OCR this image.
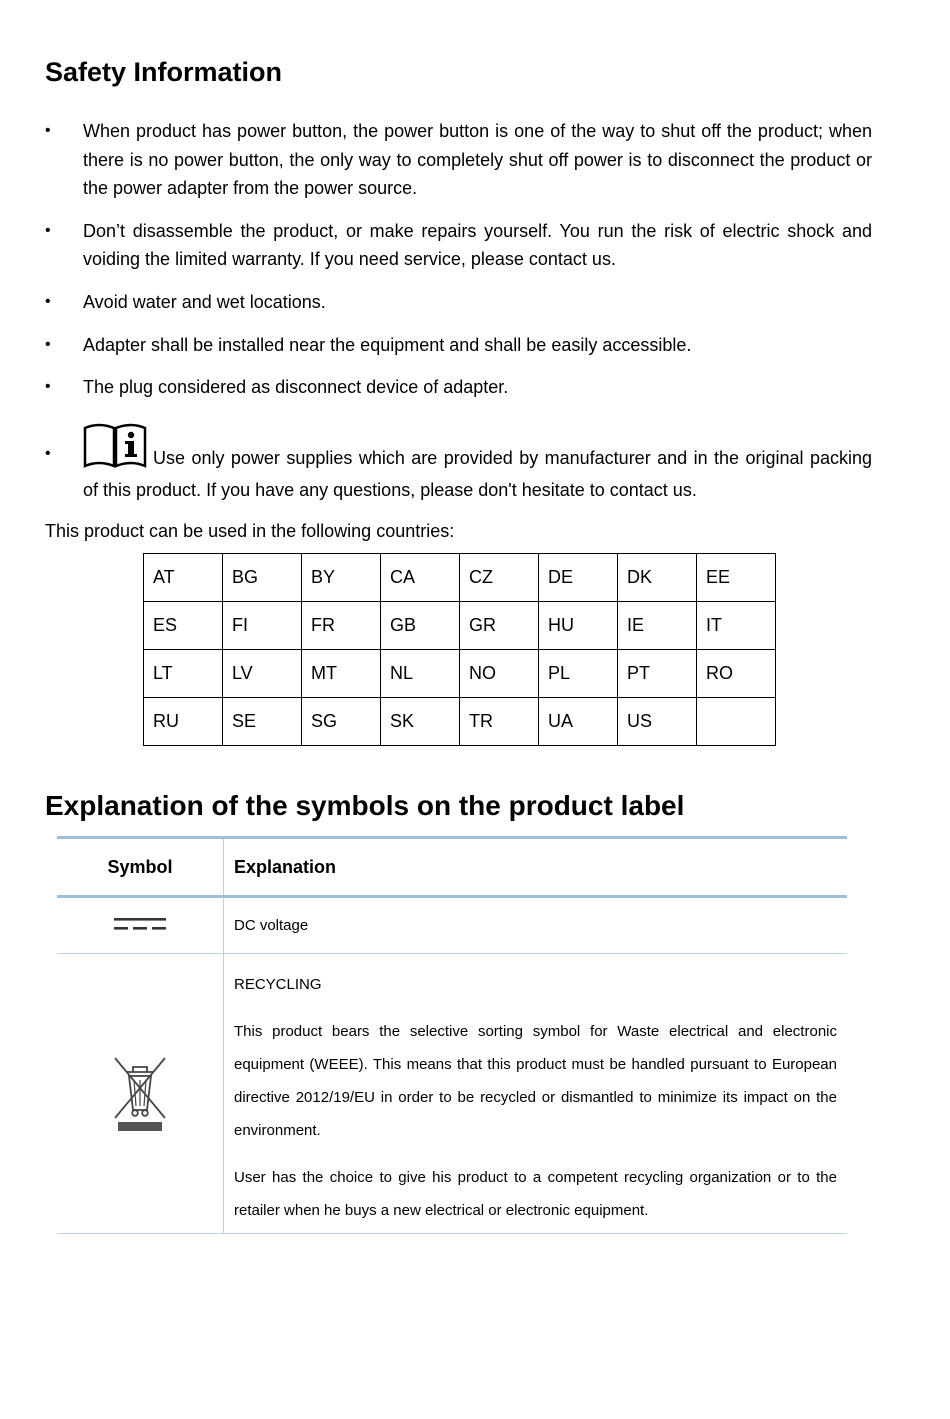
Safety Information
• When product has power button, the power button is one of the way to shut off the product; when there is no power button, the only way to completely shut off power is to disconnect the product or the power adapter from the power source.
• Don’t disassemble the product, or make repairs yourself. You run the risk of electric shock and voiding the limited warranty. If you need service, please contact us.
• Avoid water and wet locations.
• Adapter shall be installed near the equipment and shall be easily accessible.
• The plug considered as disconnect device of adapter.
•	Use only power supplies which are provided by manufacturer and in the original packing of this product. If you have any questions, please don't hesitate to contact us.

This product can be used in the following countries:

AT	BG	BY	CA	CZ	DE	DK	EE
ES	FI	FR	GB	GR	HU	IE	IT
LT	LV	MT	NL	NO	PL	PT	RO
RU	SE	SG	SK	TR	UA	US	
Explanation of the symbols on the product label
Symbol	Explanation
	DC voltage

RECYCLING

This product bears the selective sorting symbol for Waste electrical and electronic equipment (WEEE). This means that this product must be handled pursuant to European directive 2012/19/EU in order to be recycled or dismantled to minimize its impact on the environment.

User has the choice to give his product to a competent recycling organization or to the retailer when he buys a new electrical or electronic equipment.
